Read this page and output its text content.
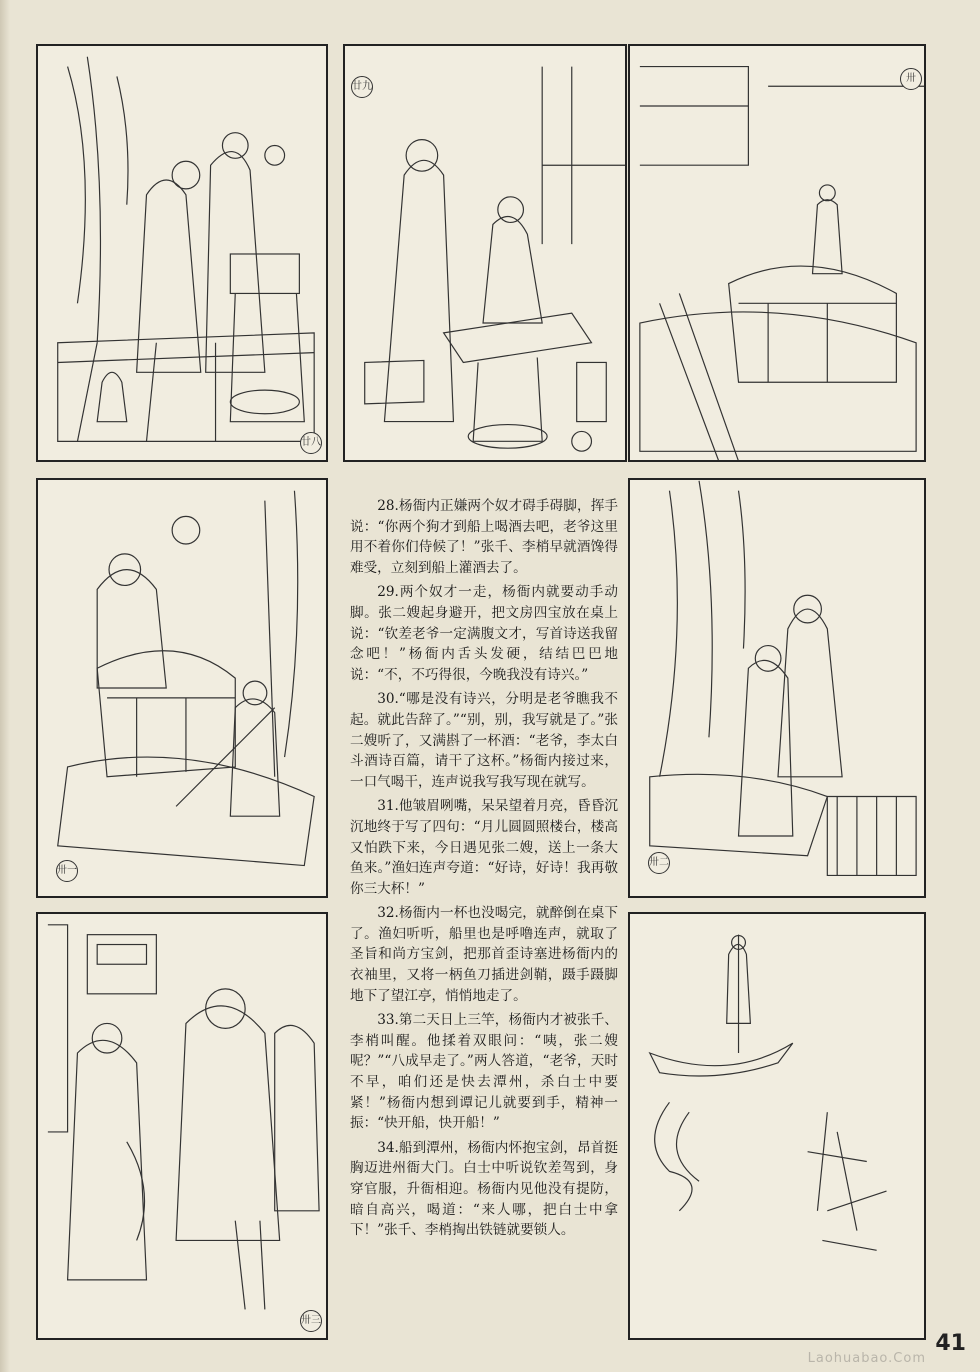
廿八
廿九
卅
卅一

28.杨衙内正嫌两个奴才碍手碍脚，挥手说：“你两个狗才到船上喝酒去吧，老爷这里用不着你们侍候了！”张千、李梢早就酒馋得难受，立刻到船上灌酒去了。

29.两个奴才一走，杨衙内就要动手动脚。张二嫂起身避开，把文房四宝放在桌上说：“钦差老爷一定满腹文才，写首诗送我留念吧！”杨衙内舌头发硬，结结巴巴地说：“不，不巧得很，今晚我没有诗兴。”

30.“哪是没有诗兴，分明是老爷瞧我不起。就此告辞了。”“别，别，我写就是了。”张二嫂听了，又满斟了一杯酒：“老爷，李太白斗酒诗百篇，请干了这杯。”杨衙内接过来，一口气喝干，连声说我写我写现在就写。

31.他皱眉咧嘴，呆呆望着月亮，昏昏沉沉地终于写了四句：“月儿圆圆照楼台，楼高又怕跌下来，今日遇见张二嫂，送上一条大鱼来。”渔妇连声夸道：“好诗，好诗！我再敬你三大杯！”

32.杨衙内一杯也没喝完，就醉倒在桌下了。渔妇听听，船里也是呼噜连声，就取了圣旨和尚方宝剑，把那首歪诗塞进杨衙内的衣袖里，又将一柄鱼刀插进剑鞘，蹑手蹑脚地下了望江亭，悄悄地走了。

33.第二天日上三竿，杨衙内才被张千、李梢叫醒。他揉着双眼问：“咦，张二嫂呢？”“八成早走了。”两人答道，“老爷，天时不早，咱们还是快去潭州，杀白士中要紧！”杨衙内想到谭记儿就要到手，精神一振：“快开船，快开船！”

34.船到潭州，杨衙内怀抱宝剑，昂首挺胸迈进州衙大门。白士中听说钦差驾到，身穿官服，升衙相迎。杨衙内见他没有提防，暗自高兴，喝道：“来人哪，把白士中拿下！”张千、李梢掏出铁链就要锁人。

卅二
卅三
41
Laohuabao.Com
